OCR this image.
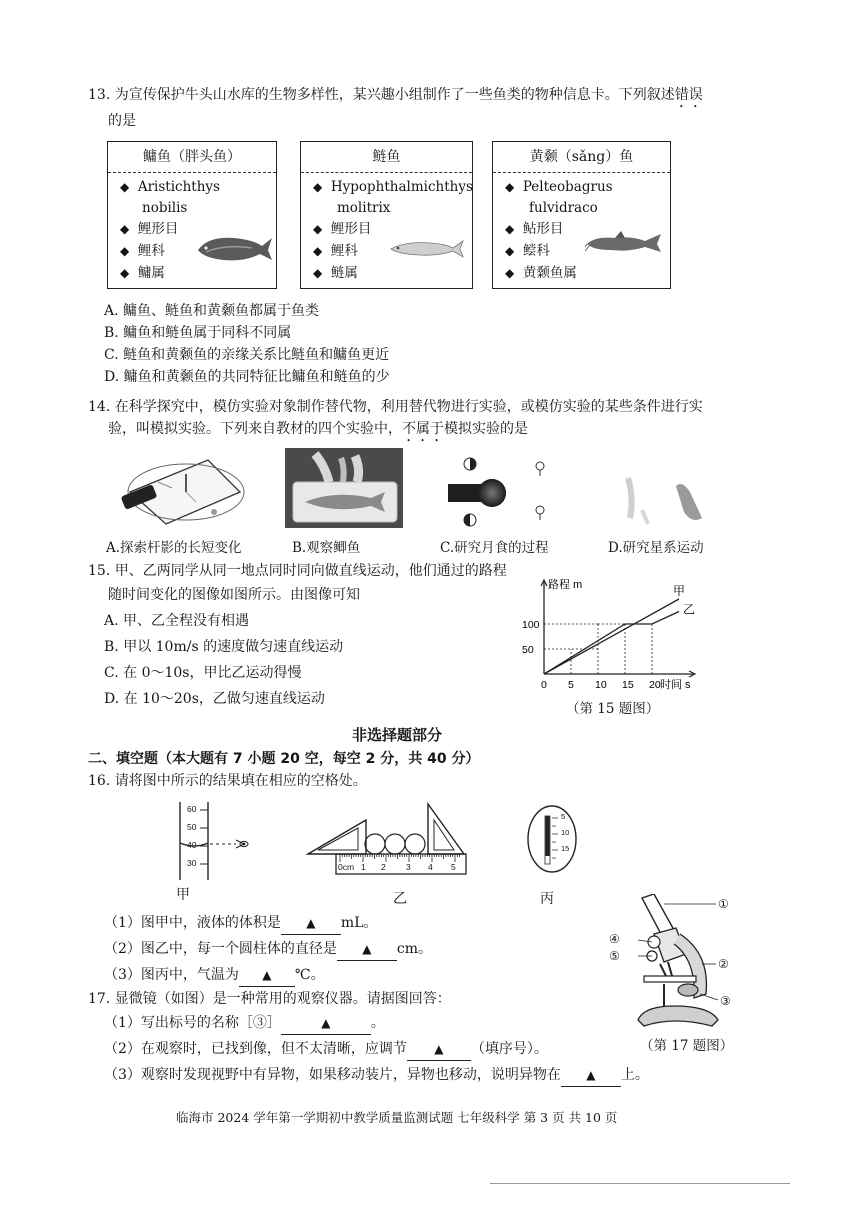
13. 为宣传保护牛头山水库的生物多样性，某兴趣小组制作了一些鱼类的物种信息卡。下列叙述错误
的是
鳙鱼（胖头鱼）
◆ Aristichthys
nobilis
◆ 鲤形目
◆ 鲤科
◆ 鳙属
鲢鱼
◆ Hypophthalmichthys
molitrix
◆ 鲤形目
◆ 鲤科
◆ 鲢属
黄颡（sǎng）鱼
◆ Pelteobagrus
fulvidraco
◆ 鲇形目
◆ 鲿科
◆ 黄颡鱼属
A. 鳙鱼、鲢鱼和黄颡鱼都属于鱼类
B. 鳙鱼和鲢鱼属于同科不同属
C. 鲢鱼和黄颡鱼的亲缘关系比鲢鱼和鳙鱼更近
D. 鳙鱼和黄颡鱼的共同特征比鳙鱼和鲢鱼的少
14. 在科学探究中，模仿实验对象制作替代物，利用替代物进行实验，或模仿实验的某些条件进行实
验，叫模拟实验。下列来自教材的四个实验中，不属于模拟实验的是
A.探索杆影的长短变化	B.观察鲫鱼	C.研究月食的过程	D.研究星系运动
15. 甲、乙两同学从同一地点同时同向做直线运动，他们通过的路程
随时间变化的图像如图所示。由图像可知
A. 甲、乙全程没有相遇
B. 甲以 10m/s 的速度做匀速直线运动
C. 在 0～10s，甲比乙运动得慢
D. 在 10～20s，乙做匀速直线运动
路程 m
时间 s
0 5 10 15 20
50
100
甲
乙
（第 15 题图）
非选择题部分
二、填空题（本大题有 7 小题 20 空，每空 2 分，共 40 分）
16. 请将图中所示的结果填在相应的空格处。
60
50
40
30
甲
0cm 1 2 3 4 5
乙
5
10
15
丙
（1）图甲中，液体的体积是 ▲ mL。
（2）图乙中，每一个圆柱体的直径是 ▲ cm。
（3）图丙中，气温为 ▲ ℃。
17. 显微镜（如图）是一种常用的观察仪器。请据图回答：
（1）写出标号的名称［③］	▲	。
（2）在观察时，已找到像，但不太清晰，应调节 ▲ （填序号）。
（3）观察时发现视野中有异物，如果移动装片，异物也移动，说明异物在 ▲ 上。
①
②
③
④
⑤
（第 17 题图）
临海市 2024 学年第一学期初中教学质量监测试题 七年级科学 第 3 页 共 10 页
